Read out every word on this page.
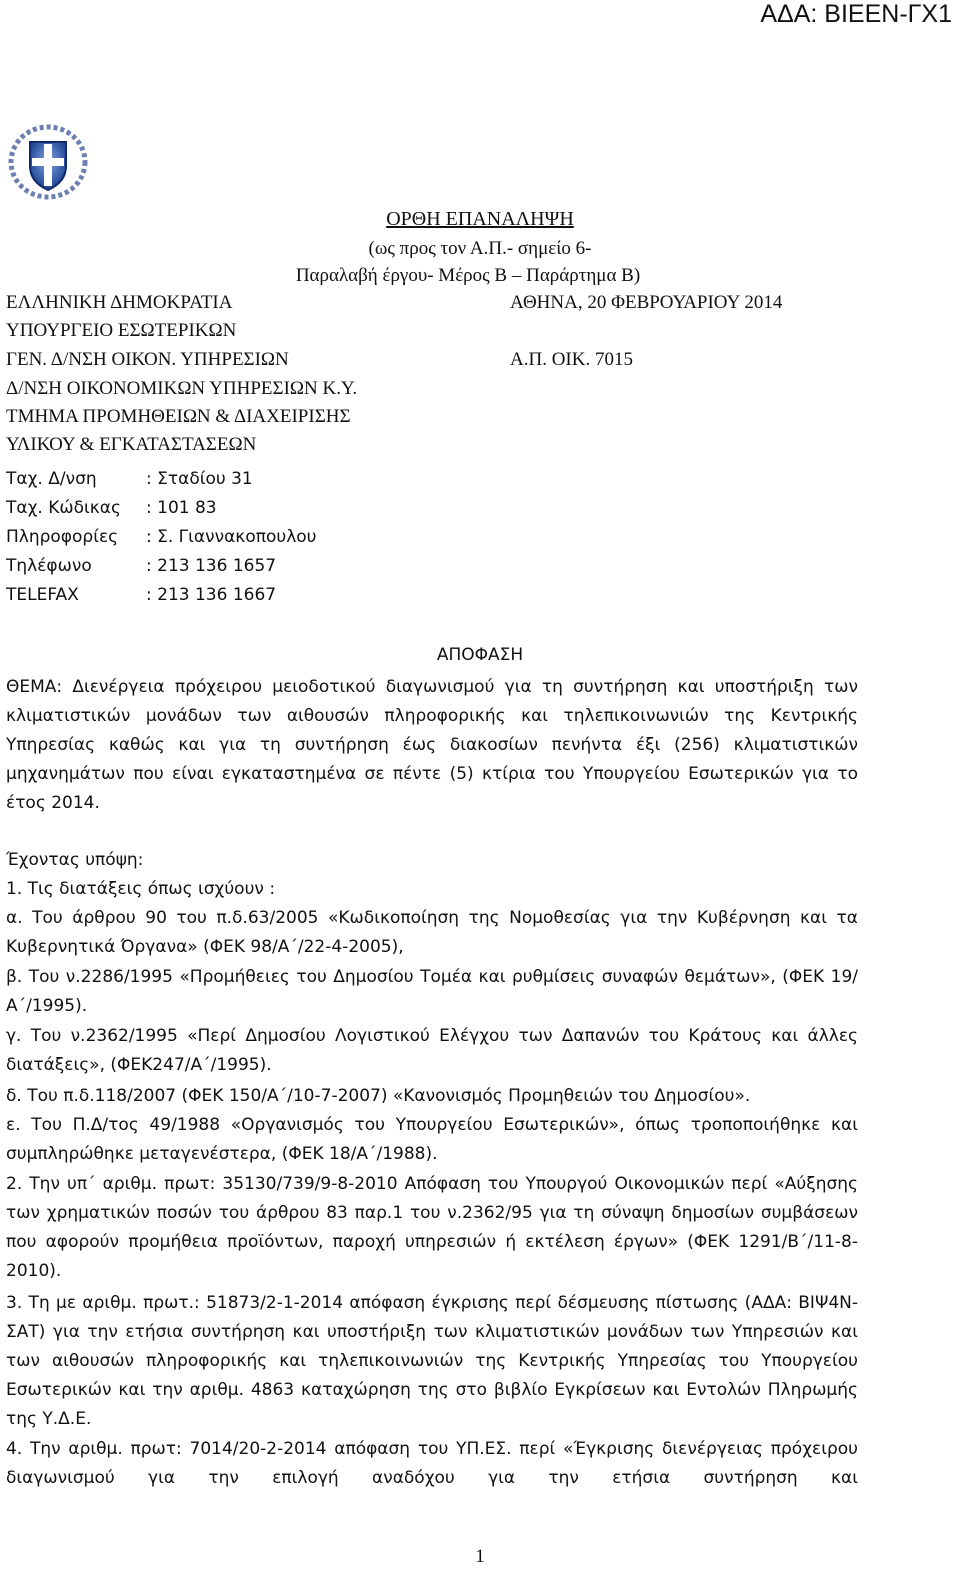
ΑΔΑ: ΒΙΕΕΝ-ΓΧ1
ΟΡΘΗ ΕΠΑΝΑΛΗΨΗ
(ως προς τον Α.Π.- σημείο 6-
Παραλαβή έργου- Μέρος Β – Παράρτημα Β)
ΕΛΛΗΝΙΚΗ ΔΗΜΟΚΡΑΤΙΑ	ΑΘΗΝΑ, 20 ΦΕΒΡΟΥΑΡΙΟΥ 2014
ΥΠΟΥΡΓΕΙΟ ΕΣΩΤΕΡΙΚΩΝ
ΓΕΝ. Δ/ΝΣΗ ΟΙΚΟΝ. ΥΠΗΡΕΣΙΩΝ	Α.Π. ΟΙΚ. 7015
Δ/ΝΣΗ ΟΙΚΟΝΟΜΙΚΩΝ ΥΠΗΡΕΣΙΩΝ Κ.Υ.
ΤΜΗΜΑ ΠΡΟΜΗΘΕΙΩΝ & ΔΙΑΧΕΙΡΙΣΗΣ
ΥΛΙΚΟΥ & ΕΓΚΑΤΑΣΤΑΣΕΩΝ
Ταχ. Δ/νση	: Σταδίου 31
Ταχ. Κώδικας : 101 83
Πληροφορίες : Σ. Γιαννακοπουλου
Τηλέφωνο	: 213 136 1657
TELEFAX	: 213 136 1667
ΑΠΟΦΑΣΗ
ΘΕΜΑ: Διενέργεια πρόχειρου μειοδοτικού διαγωνισμού για τη συντήρηση και υποστήριξη των κλιματιστικών μονάδων των αιθουσών πληροφορικής και τηλεπικοινωνιών της Κεντρικής Υπηρεσίας καθώς και για τη συντήρηση έως διακοσίων πενήντα έξι (256) κλιματιστικών μηχανημάτων που είναι εγκαταστημένα σε πέντε (5) κτίρια του Υπουργείου Εσωτερικών για το έτος 2014.
Έχοντας υπόψη:
1. Τις διατάξεις όπως ισχύουν :
α. Του άρθρου 90 του π.δ.63/2005 «Κωδικοποίηση της Νομοθεσίας για την Κυβέρνηση και τα Κυβερνητικά Όργανα» (ΦΕΚ 98/Α΄/22-4-2005),
β. Του ν.2286/1995 «Προμήθειες του Δημοσίου Τομέα και ρυθμίσεις συναφών θεμάτων», (ΦΕΚ 19/Α΄/1995).
γ. Του ν.2362/1995 «Περί Δημοσίου Λογιστικού Ελέγχου των Δαπανών του Κράτους και άλλες διατάξεις», (ΦΕΚ247/Α΄/1995).
δ. Του π.δ.118/2007 (ΦΕΚ 150/Α΄/10-7-2007) «Κανονισμός Προμηθειών του Δημοσίου».
ε. Του Π.Δ/τος 49/1988 «Οργανισμός του Υπουργείου Εσωτερικών», όπως τροποποιήθηκε και συμπληρώθηκε μεταγενέστερα, (ΦΕΚ 18/Α΄/1988).
2. Την υπ΄ αριθμ. πρωτ: 35130/739/9-8-2010 Απόφαση του Υπουργού Οικονομικών περί «Αύξησης των χρηματικών ποσών του άρθρου 83 παρ.1 του ν.2362/95 για τη σύναψη δημοσίων συμβάσεων που αφορούν προμήθεια προϊόντων, παροχή υπηρεσιών ή εκτέλεση έργων» (ΦΕΚ 1291/Β΄/11-8-2010).
3. Τη με αριθμ. πρωτ.: 51873/2-1-2014 απόφαση έγκρισης περί δέσμευσης πίστωσης (ΑΔΑ: ΒΙΨ4Ν-ΣΑΤ) για την ετήσια συντήρηση και υποστήριξη των κλιματιστικών μονάδων των Υπηρεσιών και των αιθουσών πληροφορικής και τηλεπικοινωνιών της Κεντρικής Υπηρεσίας του Υπουργείου Εσωτερικών και την αριθμ. 4863 καταχώρηση της στο βιβλίο Εγκρίσεων και Εντολών Πληρωμής της Υ.Δ.Ε.
4. Την αριθμ. πρωτ: 7014/20-2-2014 απόφαση του ΥΠ.ΕΣ. περί «Έγκρισης διενέργειας πρόχειρου διαγωνισμού για την επιλογή αναδόχου για την ετήσια συντήρηση και
1
